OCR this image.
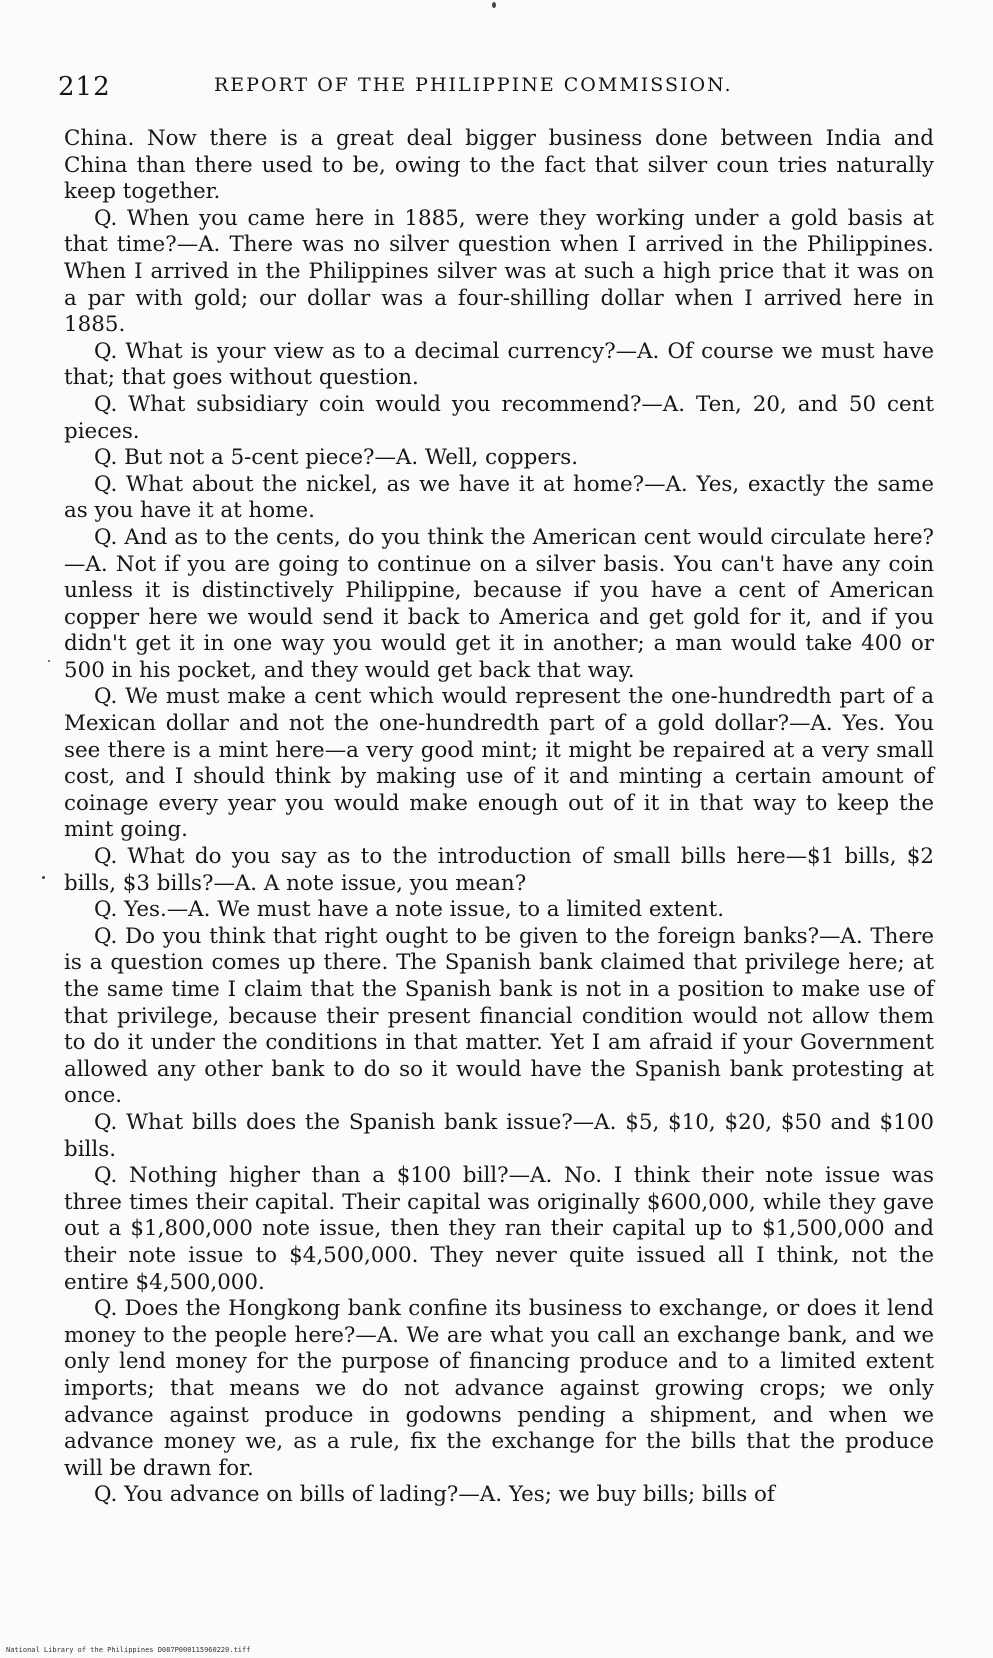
212	REPORT OF THE PHILIPPINE COMMISSION.

China. Now there is a great deal bigger business done between India and China than there used to be, owing to the fact that silver coun tries naturally keep together.

Q. When you came here in 1885, were they working under a gold basis at that time?—A. There was no silver question when I arrived in the Philippines. When I arrived in the Philippines silver was at such a high price that it was on a par with gold; our dollar was a four-shilling dollar when I arrived here in 1885.

Q. What is your view as to a decimal currency?—A. Of course we must have that; that goes without question.

Q. What subsidiary coin would you recommend?—A. Ten, 20, and 50 cent pieces.

Q. But not a 5-cent piece?—A. Well, coppers.

Q. What about the nickel, as we have it at home?—A. Yes, exactly the same as you have it at home.

Q. And as to the cents, do you think the American cent would circulate here?—A. Not if you are going to continue on a silver basis. You can't have any coin unless it is distinctively Philippine, because if you have a cent of American copper here we would send it back to America and get gold for it, and if you didn't get it in one way you would get it in another; a man would take 400 or 500 in his pocket, and they would get back that way.

Q. We must make a cent which would represent the one-hundredth part of a Mexican dollar and not the one-hundredth part of a gold dollar?—A. Yes. You see there is a mint here—a very good mint; it might be repaired at a very small cost, and I should think by making use of it and minting a certain amount of coinage every year you would make enough out of it in that way to keep the mint going.

Q. What do you say as to the introduction of small bills here—$1 bills, $2 bills, $3 bills?—A. A note issue, you mean?

Q. Yes.—A. We must have a note issue, to a limited extent.

Q. Do you think that right ought to be given to the foreign banks?—A. There is a question comes up there. The Spanish bank claimed that privilege here; at the same time I claim that the Spanish bank is not in a position to make use of that privilege, because their present financial condition would not allow them to do it under the conditions in that matter. Yet I am afraid if your Government allowed any other bank to do so it would have the Spanish bank protesting at once.

Q. What bills does the Spanish bank issue?—A. $5, $10, $20, $50 and $100 bills.

Q. Nothing higher than a $100 bill?—A. No. I think their note issue was three times their capital. Their capital was originally $600,000, while they gave out a $1,800,000 note issue, then they ran their capital up to $1,500,000 and their note issue to $4,500,000. They never quite issued all I think, not the entire $4,500,000.

Q. Does the Hongkong bank confine its business to exchange, or does it lend money to the people here?—A. We are what you call an exchange bank, and we only lend money for the purpose of financing produce and to a limited extent imports; that means we do not advance against growing crops; we only advance against produce in godowns pending a shipment, and when we advance money we, as a rule, fix the exchange for the bills that the produce will be drawn for.

Q. You advance on bills of lading?—A. Yes; we buy bills; bills of

National Library of the Philippines D087P000115960220.tiff
